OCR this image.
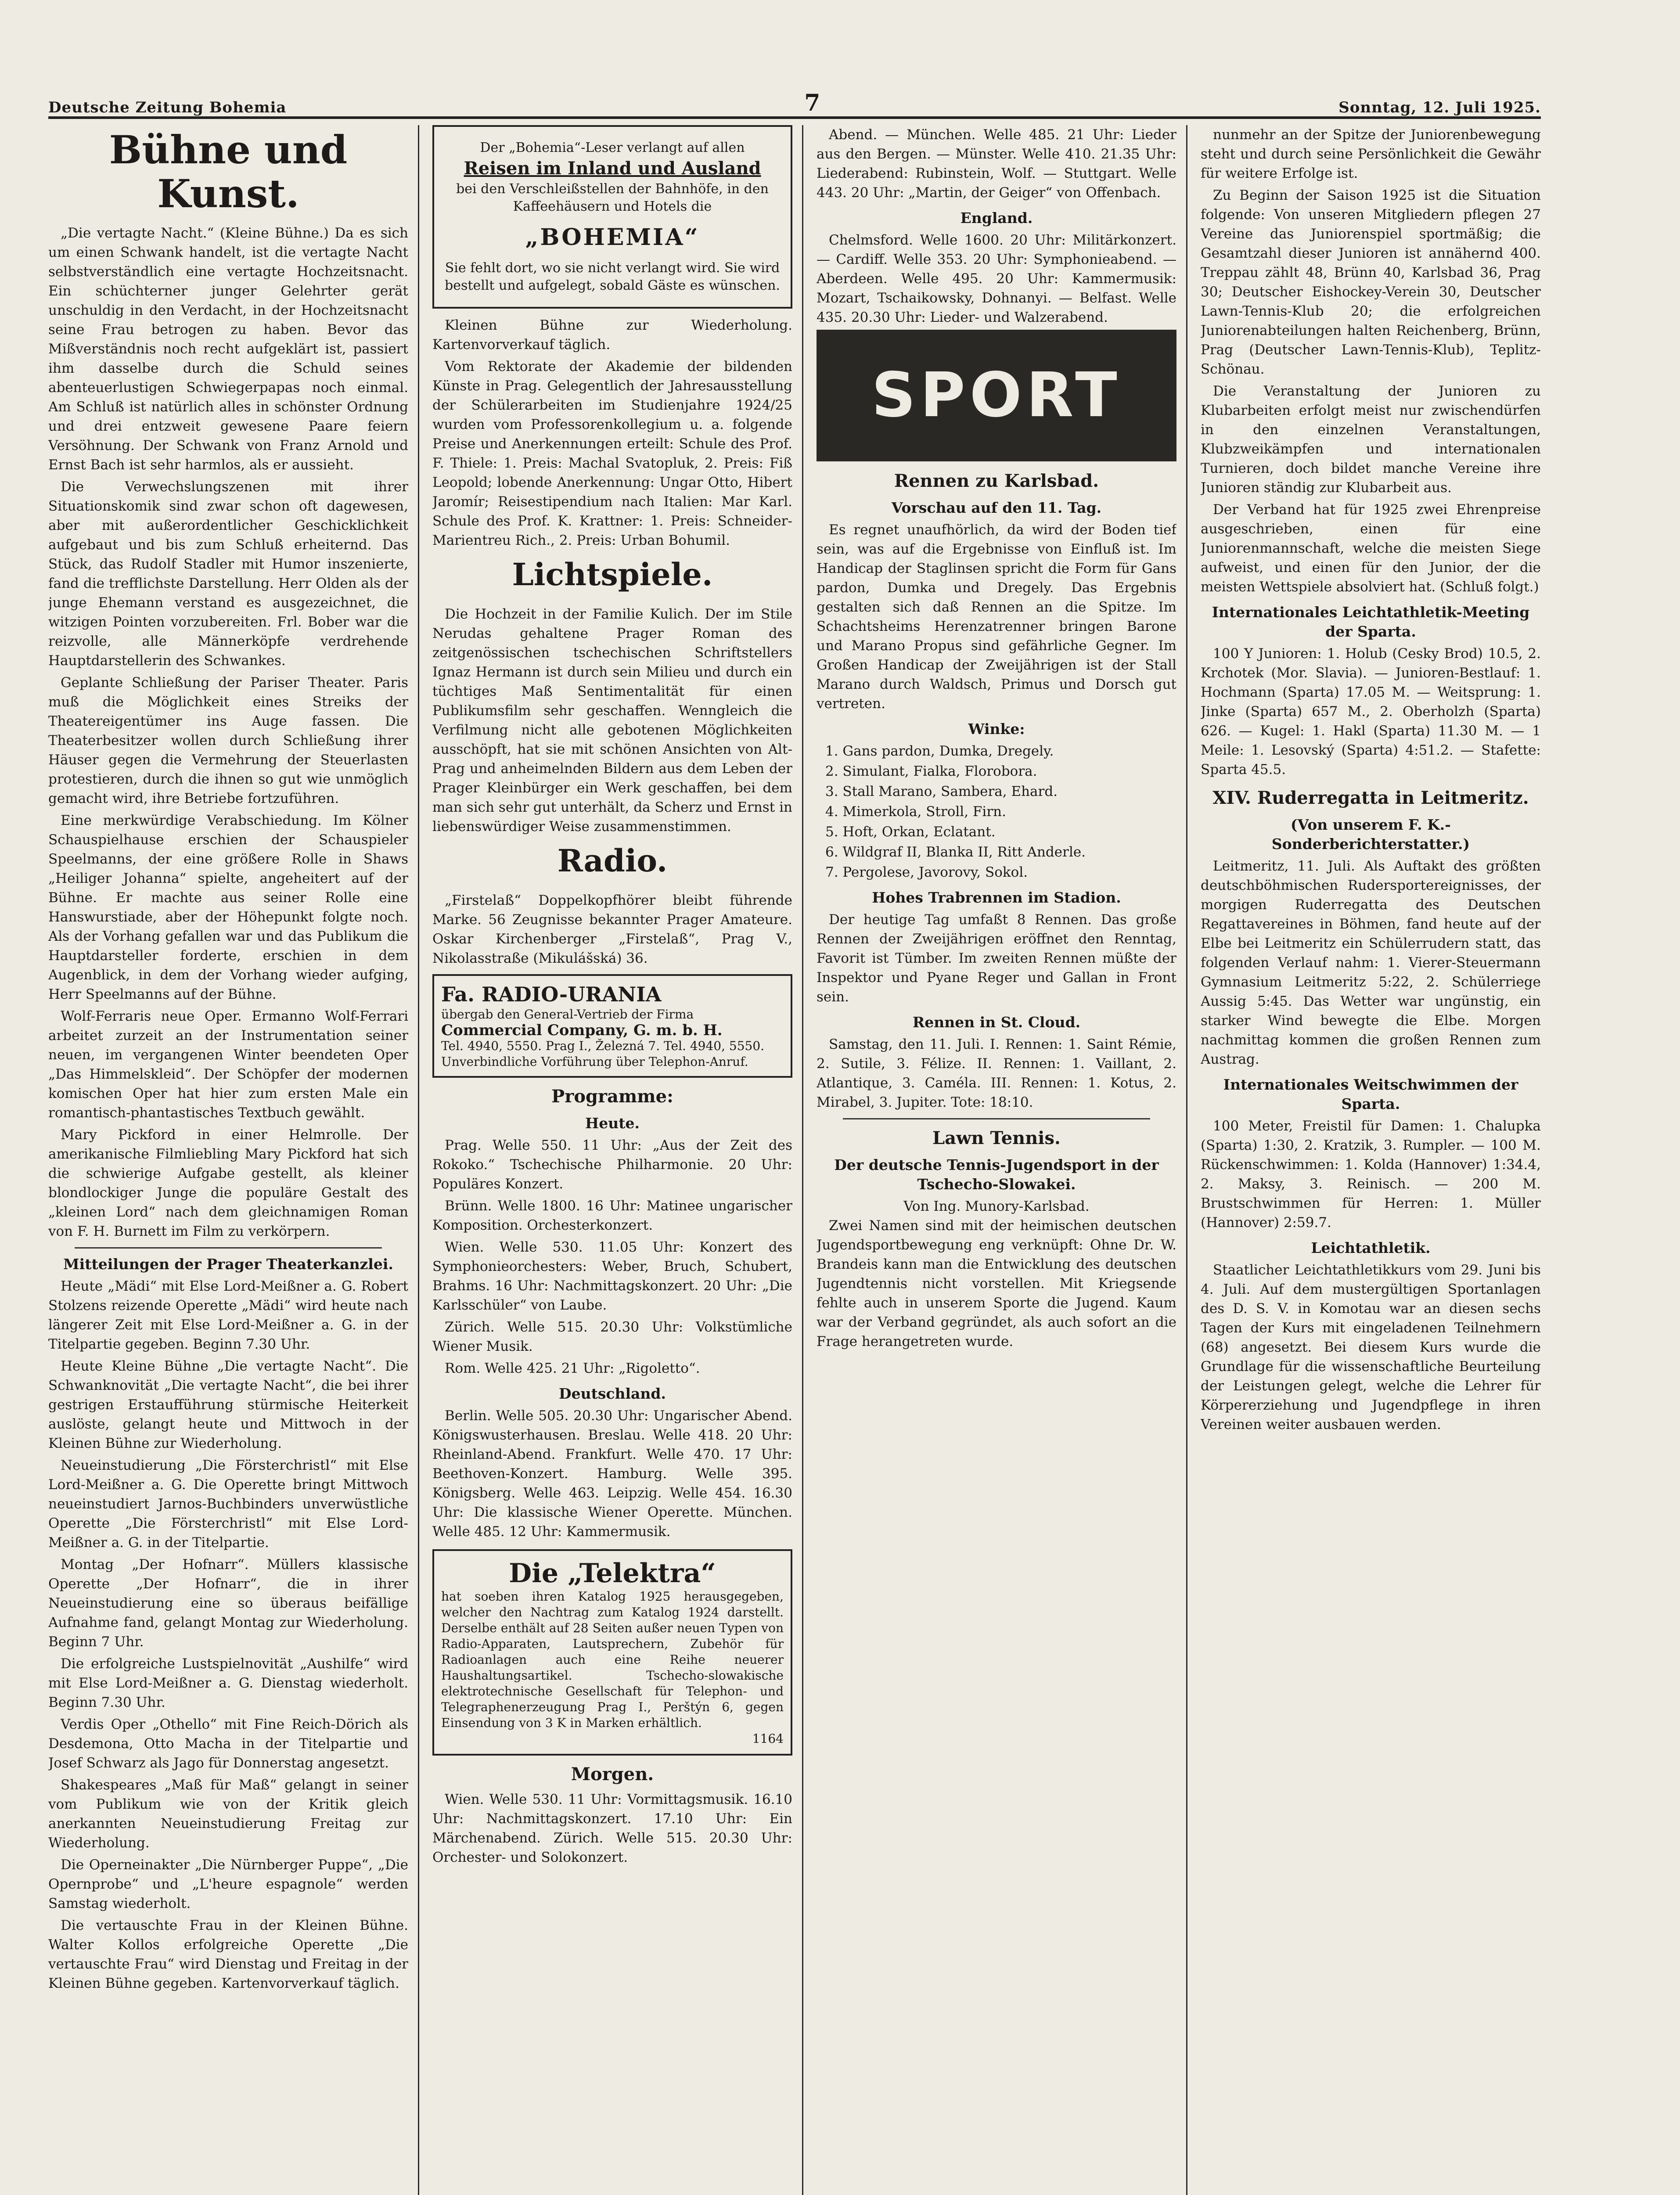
Deutsche Zeitung Bohemia	7	Sonntag, 12. Juli 1925.
Bühne und Kunst.

„Die vertagte Nacht.“ (Kleine Bühne.) Da es sich um einen Schwank handelt, ist die vertagte Nacht selbstverständlich eine vertagte Hochzeitsnacht. Ein schüchterner junger Gelehrter gerät unschuldig in den Verdacht, in der Hochzeitsnacht seine Frau betrogen zu haben. Bevor das Mißverständnis noch recht aufgeklärt ist, passiert ihm dasselbe durch die Schuld seines abenteuerlustigen Schwiegerpapas noch einmal. Am Schluß ist natürlich alles in schönster Ordnung und drei entzweit gewesene Paare feiern Versöhnung. Der Schwank von Franz Arnold und Ernst Bach ist sehr harmlos, als er aussieht.

Die Verwechslungszenen mit ihrer Situationskomik sind zwar schon oft dagewesen, aber mit außerordentlicher Geschicklichkeit aufgebaut und bis zum Schluß erheiternd. Das Stück, das Rudolf Stadler mit Humor inszenierte, fand die trefflichste Darstellung. Herr Olden als der junge Ehemann verstand es ausgezeichnet, die witzigen Pointen vorzubereiten. Frl. Bober war die reizvolle, alle Männerköpfe verdrehende Hauptdarstellerin des Schwankes.

Geplante Schließung der Pariser Theater. Paris muß die Möglichkeit eines Streiks der Theatereigentümer ins Auge fassen. Die Theaterbesitzer wollen durch Schließung ihrer Häuser gegen die Vermehrung der Steuerlasten protestieren, durch die ihnen so gut wie unmöglich gemacht wird, ihre Betriebe fortzuführen.

Eine merkwürdige Verabschiedung. Im Kölner Schauspielhause erschien der Schauspieler Speelmanns, der eine größere Rolle in Shaws „Heiliger Johanna“ spielte, angeheitert auf der Bühne. Er machte aus seiner Rolle eine Hanswurstiade, aber der Höhepunkt folgte noch. Als der Vorhang gefallen war und das Publikum die Hauptdarsteller forderte, erschien in dem Augenblick, in dem der Vorhang wieder aufging, Herr Speelmanns auf der Bühne.

Wolf-Ferraris neue Oper. Ermanno Wolf-Ferrari arbeitet zurzeit an der Instrumentation seiner neuen, im vergangenen Winter beendeten Oper „Das Himmelskleid“. Der Schöpfer der modernen komischen Oper hat hier zum ersten Male ein romantisch-phantastisches Textbuch gewählt.

Mary Pickford in einer Helmrolle. Der amerikanische Filmliebling Mary Pickford hat sich die schwierige Aufgabe gestellt, als kleiner blondlockiger Junge die populäre Gestalt des „kleinen Lord“ nach dem gleichnamigen Roman von F. H. Burnett im Film zu verkörpern.

Mitteilungen der Prager Theaterkanzlei.

Heute „Mädi“ mit Else Lord-Meißner a. G. Robert Stolzens reizende Operette „Mädi“ wird heute nach längerer Zeit mit Else Lord-Meißner a. G. in der Titelpartie gegeben. Beginn 7.30 Uhr.

Heute Kleine Bühne „Die vertagte Nacht“. Die Schwanknovität „Die vertagte Nacht“, die bei ihrer gestrigen Erstaufführung stürmische Heiterkeit auslöste, gelangt heute und Mittwoch in der Kleinen Bühne zur Wiederholung.

Neueinstudierung „Die Försterchristl“ mit Else Lord-Meißner a. G. Die Operette bringt Mittwoch neueinstudiert Jarnos-Buchbinders unverwüstliche Operette „Die Försterchristl“ mit Else Lord-Meißner a. G. in der Titelpartie.

Montag „Der Hofnarr“. Müllers klassische Operette „Der Hofnarr“, die in ihrer Neueinstudierung eine so überaus beifällige Aufnahme fand, gelangt Montag zur Wiederholung. Beginn 7 Uhr.

Die erfolgreiche Lustspielnovität „Aushilfe“ wird mit Else Lord-Meißner a. G. Dienstag wiederholt. Beginn 7.30 Uhr.

Verdis Oper „Othello“ mit Fine Reich-Dörich als Desdemona, Otto Macha in der Titelpartie und Josef Schwarz als Jago für Donnerstag angesetzt.

Shakespeares „Maß für Maß“ gelangt in seiner vom Publikum wie von der Kritik gleich anerkannten Neueinstudierung Freitag zur Wiederholung.

Die Operneinakter „Die Nürnberger Puppe“, „Die Opernprobe“ und „L'heure espagnole“ werden Samstag wiederholt.

Die vertauschte Frau in der Kleinen Bühne. Walter Kollos erfolgreiche Operette „Die vertauschte Frau“ wird Dienstag und Freitag in der Kleinen Bühne gegeben. Kartenvorverkauf täglich.

Der „Bohemia“-Leser verlangt auf allen
Reisen im Inland und Ausland
bei den Verschleißstellen der Bahnhöfe, in den Kaffeehäusern und Hotels die
„BOHEMIA“
Sie fehlt dort, wo sie nicht verlangt wird. Sie wird bestellt und aufgelegt, sobald Gäste es wünschen.

Kleinen Bühne zur Wiederholung. Kartenvorverkauf täglich.

Vom Rektorate der Akademie der bildenden Künste in Prag. Gelegentlich der Jahresausstellung der Schülerarbeiten im Studienjahre 1924/25 wurden vom Professorenkollegium u. a. folgende Preise und Anerkennungen erteilt: Schule des Prof. F. Thiele: 1. Preis: Machal Svatopluk, 2. Preis: Fiß Leopold; lobende Anerkennung: Ungar Otto, Hibert Jaromír; Reisestipendium nach Italien: Mar Karl. Schule des Prof. K. Krattner: 1. Preis: Schneider-Marientreu Rich., 2. Preis: Urban Bohumil.

Lichtspiele.

Die Hochzeit in der Familie Kulich. Der im Stile Nerudas gehaltene Prager Roman des zeitgenössischen tschechischen Schriftstellers Ignaz Hermann ist durch sein Milieu und durch ein tüchtiges Maß Sentimentalität für einen Publikumsfilm sehr geschaffen. Wenngleich die Verfilmung nicht alle gebotenen Möglichkeiten ausschöpft, hat sie mit schönen Ansichten von Alt-Prag und anheimelnden Bildern aus dem Leben der Prager Kleinbürger ein Werk geschaffen, bei dem man sich sehr gut unterhält, da Scherz und Ernst in liebenswürdiger Weise zusammenstimmen.

Radio.

„Firstelaß“ Doppelkopfhörer bleibt führende Marke. 56 Zeugnisse bekannter Prager Amateure. Oskar Kirchenberger „Firstelaß“, Prag V., Nikolasstraße (Mikulášská) 36.

Fa. RADIO-URANIA
übergab den General-Vertrieb der Firma
Commercial Company, G. m. b. H.
Tel. 4940, 5550. Prag I., Železná 7. Tel. 4940, 5550.
Unverbindliche Vorführung über Telephon-Anruf.
Programme:
Heute.

Prag. Welle 550. 11 Uhr: „Aus der Zeit des Rokoko.“ Tschechische Philharmonie. 20 Uhr: Populäres Konzert.

Brünn. Welle 1800. 16 Uhr: Matinee ungarischer Komposition. Orchesterkonzert.

Wien. Welle 530. 11.05 Uhr: Konzert des Symphonieorchesters: Weber, Bruch, Schubert, Brahms. 16 Uhr: Nachmittagskonzert. 20 Uhr: „Die Karlsschüler“ von Laube.

Zürich. Welle 515. 20.30 Uhr: Volkstümliche Wiener Musik.

Rom. Welle 425. 21 Uhr: „Rigoletto“.

Deutschland.

Berlin. Welle 505. 20.30 Uhr: Ungarischer Abend. Königswusterhausen. Breslau. Welle 418. 20 Uhr: Rheinland-Abend. Frankfurt. Welle 470. 17 Uhr: Beethoven-Konzert. Hamburg. Welle 395. Königsberg. Welle 463. Leipzig. Welle 454. 16.30 Uhr: Die klassische Wiener Operette. München. Welle 485. 12 Uhr: Kammermusik.

Die „Telektra“
hat soeben ihren Katalog 1925 herausgegeben, welcher den Nachtrag zum Katalog 1924 darstellt. Derselbe enthält auf 28 Seiten außer neuen Typen von Radio-Apparaten, Lautsprechern, Zubehör für Radioanlagen auch eine Reihe neuerer Haushaltungsartikel. Tschecho-slowakische elektrotechnische Gesellschaft für Telephon- und Telegraphenerzeugung Prag I., Perštýn 6, gegen Einsendung von 3 K in Marken erhältlich.
1164
Morgen.

Wien. Welle 530. 11 Uhr: Vormittagsmusik. 16.10 Uhr: Nachmittagskonzert. 17.10 Uhr: Ein Märchenabend. Zürich. Welle 515. 20.30 Uhr: Orchester- und Solokonzert.

Abend. — München. Welle 485. 21 Uhr: Lieder aus den Bergen. — Münster. Welle 410. 21.35 Uhr: Liederabend: Rubinstein, Wolf. — Stuttgart. Welle 443. 20 Uhr: „Martin, der Geiger“ von Offenbach.

England.

Chelmsford. Welle 1600. 20 Uhr: Militärkonzert. — Cardiff. Welle 353. 20 Uhr: Symphonieabend. — Aberdeen. Welle 495. 20 Uhr: Kammermusik: Mozart, Tschaikowsky, Dohnanyi. — Belfast. Welle 435. 20.30 Uhr: Lieder- und Walzerabend.

SPORT
Rennen zu Karlsbad.
Vorschau auf den 11. Tag.

Es regnet unaufhörlich, da wird der Boden tief sein, was auf die Ergebnisse von Einfluß ist. Im Handicap der Staglinsen spricht die Form für Gans pardon, Dumka und Dregely. Das Ergebnis gestalten sich daß Rennen an die Spitze. Im Schachtsheims Herenzatrenner bringen Barone und Marano Propus sind gefährliche Gegner. Im Großen Handicap der Zweijährigen ist der Stall Marano durch Waldsch, Primus und Dorsch gut vertreten.

Winke:
1. Gans pardon, Dumka, Dregely.
2. Simulant, Fialka, Florobora.
3. Stall Marano, Sambera, Ehard.
4. Mimerkola, Stroll, Firn.
5. Hoft, Orkan, Eclatant.
6. Wildgraf II, Blanka II, Ritt Anderle.
7. Pergolese, Javorovy, Sokol.
Hohes Trabrennen im Stadion.

Der heutige Tag umfaßt 8 Rennen. Das große Rennen der Zweijährigen eröffnet den Renntag, Favorit ist Tümber. Im zweiten Rennen müßte der Inspektor und Pyane Reger und Gallan in Front sein.

Rennen in St. Cloud.

Samstag, den 11. Juli. I. Rennen: 1. Saint Rémie, 2. Sutile, 3. Félize. II. Rennen: 1. Vaillant, 2. Atlantique, 3. Caméla. III. Rennen: 1. Kotus, 2. Mirabel, 3. Jupiter. Tote: 18:10.

Lawn Tennis.
Der deutsche Tennis-Jugendsport in der Tschecho-Slowakei.
Von Ing. Munory-Karlsbad.

Zwei Namen sind mit der heimischen deutschen Jugendsportbewegung eng verknüpft: Ohne Dr. W. Brandeis kann man die Entwicklung des deutschen Jugendtennis nicht vorstellen. Mit Kriegsende fehlte auch in unserem Sporte die Jugend. Kaum war der Verband gegründet, als auch sofort an die Frage herangetreten wurde.

nunmehr an der Spitze der Juniorenbewegung steht und durch seine Persönlichkeit die Gewähr für weitere Erfolge ist.

Zu Beginn der Saison 1925 ist die Situation folgende: Von unseren Mitgliedern pflegen 27 Vereine das Juniorenspiel sportmäßig; die Gesamtzahl dieser Junioren ist annähernd 400. Treppau zählt 48, Brünn 40, Karlsbad 36, Prag 30; Deutscher Eishockey-Verein 30, Deutscher Lawn-Tennis-Klub 20; die erfolgreichen Juniorenabteilungen halten Reichenberg, Brünn, Prag (Deutscher Lawn-Tennis-Klub), Teplitz-Schönau.

Die Veranstaltung der Junioren zu Klubarbeiten erfolgt meist nur zwischendürfen in den einzelnen Veranstaltungen, Klubzweikämpfen und internationalen Turnieren, doch bildet manche Vereine ihre Junioren ständig zur Klubarbeit aus.

Der Verband hat für 1925 zwei Ehrenpreise ausgeschrieben, einen für eine Juniorenmannschaft, welche die meisten Siege aufweist, und einen für den Junior, der die meisten Wettspiele absolviert hat. (Schluß folgt.)

Internationales Leichtathletik-Meeting der Sparta.

100 Y Junioren: 1. Holub (Cesky Brod) 10.5, 2. Krchotek (Mor. Slavia). — Junioren-Bestlauf: 1. Hochmann (Sparta) 17.05 M. — Weitsprung: 1. Jinke (Sparta) 657 M., 2. Oberholzh (Sparta) 626. — Kugel: 1. Hakl (Sparta) 11.30 M. — 1 Meile: 1. Lesovský (Sparta) 4:51.2. — Stafette: Sparta 45.5.

XIV. Ruderregatta in Leitmeritz.
(Von unserem F. K.-Sonderberichterstatter.)

Leitmeritz, 11. Juli. Als Auftakt des größten deutschböhmischen Rudersportereignisses, der morgigen Ruderregatta des Deutschen Regattavereines in Böhmen, fand heute auf der Elbe bei Leitmeritz ein Schülerrudern statt, das folgenden Verlauf nahm: 1. Vierer-Steuermann Gymnasium Leitmeritz 5:22, 2. Schülerriege Aussig 5:45. Das Wetter war ungünstig, ein starker Wind bewegte die Elbe. Morgen nachmittag kommen die großen Rennen zum Austrag.

Internationales Weitschwimmen der Sparta.

100 Meter, Freistil für Damen: 1. Chalupka (Sparta) 1:30, 2. Kratzik, 3. Rumpler. — 100 M. Rückenschwimmen: 1. Kolda (Hannover) 1:34.4, 2. Maksy, 3. Reinisch. — 200 M. Brustschwimmen für Herren: 1. Müller (Hannover) 2:59.7.

Leichtathletik.

Staatlicher Leichtathletikkurs vom 29. Juni bis 4. Juli. Auf dem mustergültigen Sportanlagen des D. S. V. in Komotau war an diesen sechs Tagen der Kurs mit eingeladenen Teilnehmern (68) angesetzt. Bei diesem Kurs wurde die Grundlage für die wissenschaftliche Beurteilung der Leistungen gelegt, welche die Lehrer für Körpererziehung und Jugendpflege in ihren Vereinen weiter ausbauen werden.
